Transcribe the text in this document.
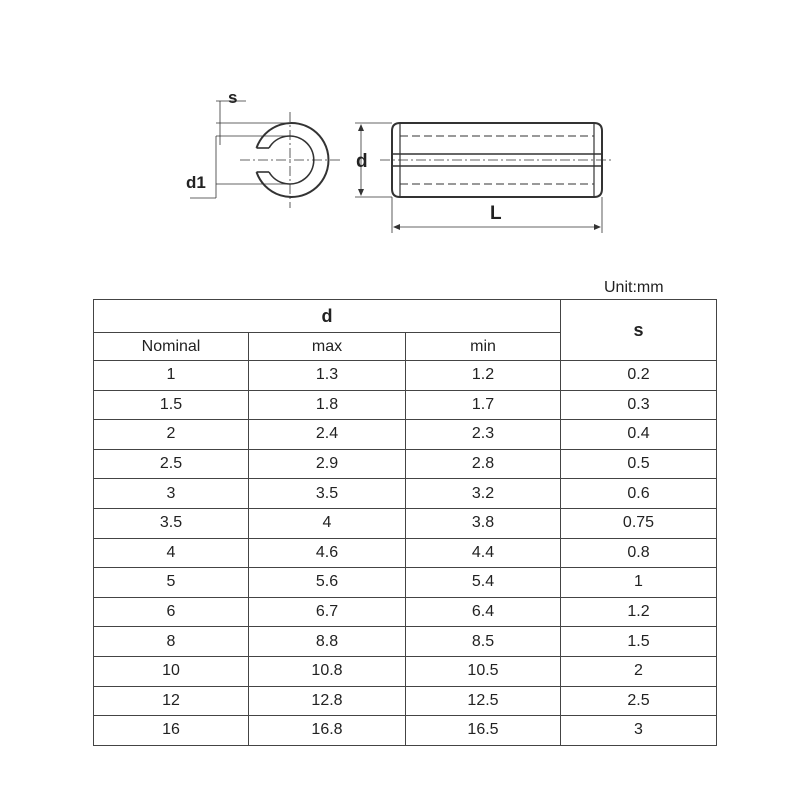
s
d1
d
L
Unit:mm
d			s
Nominal	max	min	
1	1.3	1.2	0.2
1.5	1.8	1.7	0.3
2	2.4	2.3	0.4
2.5	2.9	2.8	0.5
3	3.5	3.2	0.6
3.5	4	3.8	0.75
4	4.6	4.4	0.8
5	5.6	5.4	1
6	6.7	6.4	1.2
8	8.8	8.5	1.5
10	10.8	10.5	2
12	12.8	12.5	2.5
16	16.8	16.5	3
